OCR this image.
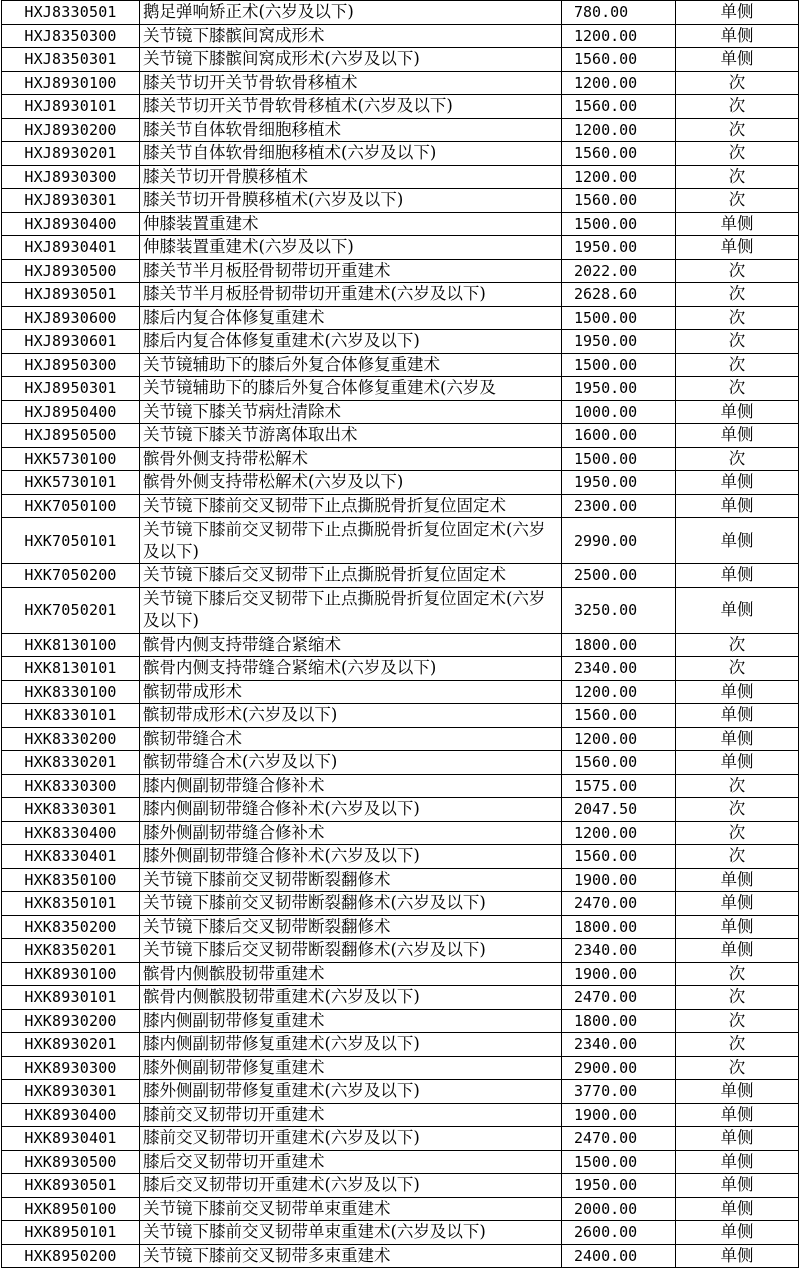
HXJ8330501	鹅足弹响矫正术(六岁及以下)	780.00	单侧
HXJ8350300	关节镜下膝髌间窝成形术	1200.00	单侧
HXJ8350301	关节镜下膝髌间窝成形术(六岁及以下)	1560.00	单侧
HXJ8930100	膝关节切开关节骨软骨移植术	1200.00	次
HXJ8930101	膝关节切开关节骨软骨移植术(六岁及以下)	1560.00	次
HXJ8930200	膝关节自体软骨细胞移植术	1200.00	次
HXJ8930201	膝关节自体软骨细胞移植术(六岁及以下)	1560.00	次
HXJ8930300	膝关节切开骨膜移植术	1200.00	次
HXJ8930301	膝关节切开骨膜移植术(六岁及以下)	1560.00	次
HXJ8930400	伸膝装置重建术	1500.00	单侧
HXJ8930401	伸膝装置重建术(六岁及以下)	1950.00	单侧
HXJ8930500	膝关节半月板胫骨韧带切开重建术	2022.00	次
HXJ8930501	膝关节半月板胫骨韧带切开重建术(六岁及以下)	2628.60	次
HXJ8930600	膝后内复合体修复重建术	1500.00	次
HXJ8930601	膝后内复合体修复重建术(六岁及以下)	1950.00	次
HXJ8950300	关节镜辅助下的膝后外复合体修复重建术	1500.00	次
HXJ8950301	关节镜辅助下的膝后外复合体修复重建术(六岁及	1950.00	次
HXJ8950400	关节镜下膝关节病灶清除术	1000.00	单侧
HXJ8950500	关节镜下膝关节游离体取出术	1600.00	单侧
HXK5730100	髌骨外侧支持带松解术	1500.00	次
HXK5730101	髌骨外侧支持带松解术(六岁及以下)	1950.00	单侧
HXK7050100	关节镜下膝前交叉韧带下止点撕脱骨折复位固定术	2300.00	单侧
HXK7050101	关节镜下膝前交叉韧带下止点撕脱骨折复位固定术(六岁及以下)	2990.00	单侧
HXK7050200	关节镜下膝后交叉韧带下止点撕脱骨折复位固定术	2500.00	单侧
HXK7050201	关节镜下膝后交叉韧带下止点撕脱骨折复位固定术(六岁及以下)	3250.00	单侧
HXK8130100	髌骨内侧支持带缝合紧缩术	1800.00	次
HXK8130101	髌骨内侧支持带缝合紧缩术(六岁及以下)	2340.00	次
HXK8330100	髌韧带成形术	1200.00	单侧
HXK8330101	髌韧带成形术(六岁及以下)	1560.00	单侧
HXK8330200	髌韧带缝合术	1200.00	单侧
HXK8330201	髌韧带缝合术(六岁及以下)	1560.00	单侧
HXK8330300	膝内侧副韧带缝合修补术	1575.00	次
HXK8330301	膝内侧副韧带缝合修补术(六岁及以下)	2047.50	次
HXK8330400	膝外侧副韧带缝合修补术	1200.00	次
HXK8330401	膝外侧副韧带缝合修补术(六岁及以下)	1560.00	次
HXK8350100	关节镜下膝前交叉韧带断裂翻修术	1900.00	单侧
HXK8350101	关节镜下膝前交叉韧带断裂翻修术(六岁及以下)	2470.00	单侧
HXK8350200	关节镜下膝后交叉韧带断裂翻修术	1800.00	单侧
HXK8350201	关节镜下膝后交叉韧带断裂翻修术(六岁及以下)	2340.00	单侧
HXK8930100	髌骨内侧髌股韧带重建术	1900.00	次
HXK8930101	髌骨内侧髌股韧带重建术(六岁及以下)	2470.00	次
HXK8930200	膝内侧副韧带修复重建术	1800.00	次
HXK8930201	膝内侧副韧带修复重建术(六岁及以下)	2340.00	次
HXK8930300	膝外侧副韧带修复重建术	2900.00	次
HXK8930301	膝外侧副韧带修复重建术(六岁及以下)	3770.00	单侧
HXK8930400	膝前交叉韧带切开重建术	1900.00	单侧
HXK8930401	膝前交叉韧带切开重建术(六岁及以下)	2470.00	单侧
HXK8930500	膝后交叉韧带切开重建术	1500.00	单侧
HXK8930501	膝后交叉韧带切开重建术(六岁及以下)	1950.00	单侧
HXK8950100	关节镜下膝前交叉韧带单束重建术	2000.00	单侧
HXK8950101	关节镜下膝前交叉韧带单束重建术(六岁及以下)	2600.00	单侧
HXK8950200	关节镜下膝前交叉韧带多束重建术	2400.00	单侧
